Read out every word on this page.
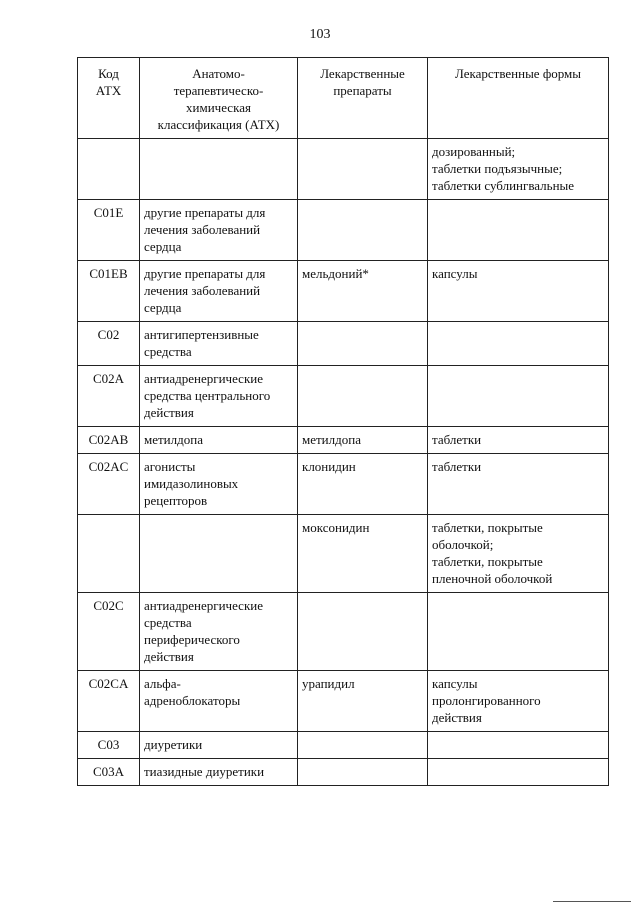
103
Код
АТХ	Анатомо-
терапевтическо-
химическая
классификация (АТХ)	Лекарственные
препараты	Лекарственные формы
			дозированный;
таблетки подъязычные;
таблетки сублингвальные
C01E	другие препараты для
лечения заболеваний
сердца		
C01EB	другие препараты для
лечения заболеваний
сердца	мельдоний*	капсулы
C02	антигипертензивные
средства		
C02A	антиадренергические
средства центрального
действия		
C02AB	метилдопа	метилдопа	таблетки
C02AC	агонисты
имидазолиновых
рецепторов	клонидин	таблетки
		моксонидин	таблетки, покрытые
оболочкой;
таблетки, покрытые
пленочной оболочкой
C02C	антиадренергические
средства
периферического
действия		
C02CA	альфа-
адреноблокаторы	урапидил	капсулы
пролонгированного
действия
C03	диуретики		
C03A	тиазидные диуретики		
